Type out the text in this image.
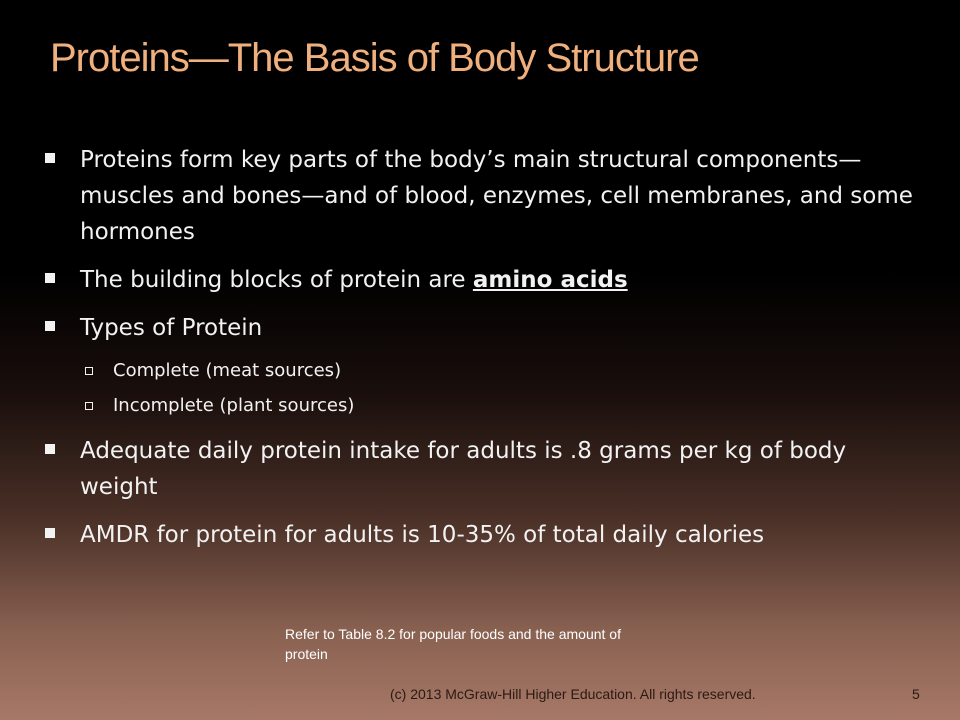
Proteins—The Basis of Body Structure
Proteins form key parts of the body’s main structural components—muscles and bones—and of blood, enzymes, cell membranes, and some hormones
The building blocks of protein are amino acids
Types of Protein
Complete (meat sources)
Incomplete (plant sources)
Adequate daily protein intake for adults is .8 grams per kg of body weight
AMDR for protein for adults is 10-35% of total daily calories
Refer to Table 8.2 for popular foods and the amount of protein
(c) 2013 McGraw-Hill Higher Education. All rights reserved.	5
